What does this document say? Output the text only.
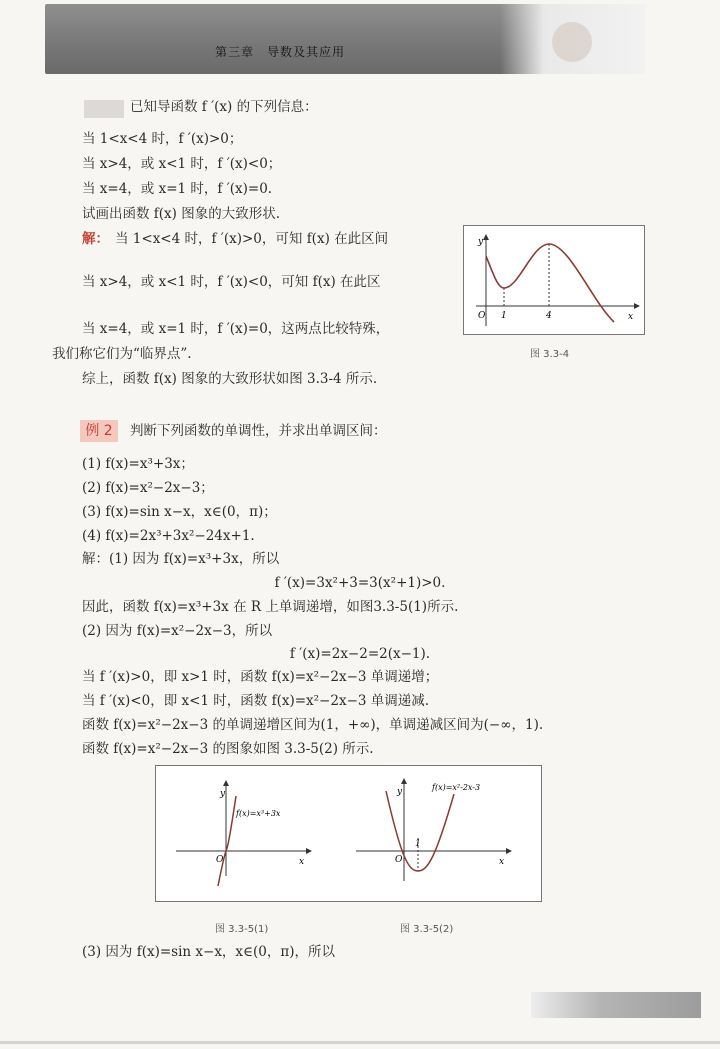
第三章　导数及其应用
已知导函数 f ′(x) 的下列信息：
当 1<x<4 时，f ′(x)>0；
当 x>4，或 x<1 时，f ′(x)<0；
当 x=4，或 x=1 时，f ′(x)=0.
试画出函数 f(x) 图象的大致形状.
解： 当 1<x<4 时，f ′(x)>0，可知 f(x) 在此区间
当 x>4，或 x<1 时，f ′(x)<0，可知 f(x) 在此区
当 x=4，或 x=1 时，f ′(x)=0，这两点比较特殊，
我们称它们为“临界点”.
综上，函数 f(x) 图象的大致形状如图 3.3-4 所示.
O 1	4	x
y
图 3.3-4
例 2	判断下列函数的单调性，并求出单调区间：
(1) f(x)=x³+3x；
(2) f(x)=x²−2x−3；
(3) f(x)=sin x−x，x∈(0，π)；
(4) f(x)=2x³+3x²−24x+1.
解：(1) 因为 f(x)=x³+3x，所以
f ′(x)=3x²+3=3(x²+1)>0.
因此，函数 f(x)=x³+3x 在 R 上单调递增，如图3.3-5(1)所示.
(2) 因为 f(x)=x²−2x−3，所以
f ′(x)=2x−2=2(x−1).
当 f ′(x)>0，即 x>1 时，函数 f(x)=x²−2x−3 单调递增；
当 f ′(x)<0，即 x<1 时，函数 f(x)=x²−2x−3 单调递减.
函数 f(x)=x²−2x−3 的单调递增区间为(1，+∞)，单调递减区间为(−∞，1).
函数 f(x)=x²−2x−3 的图象如图 3.3-5(2) 所示.
y
x
O
f(x)=x³+3x
y
x
O
1
f(x)=x²-2x-3
图 3.3-5(1)	图 3.3-5(2)
(3) 因为 f(x)=sin x−x，x∈(0，π)，所以
